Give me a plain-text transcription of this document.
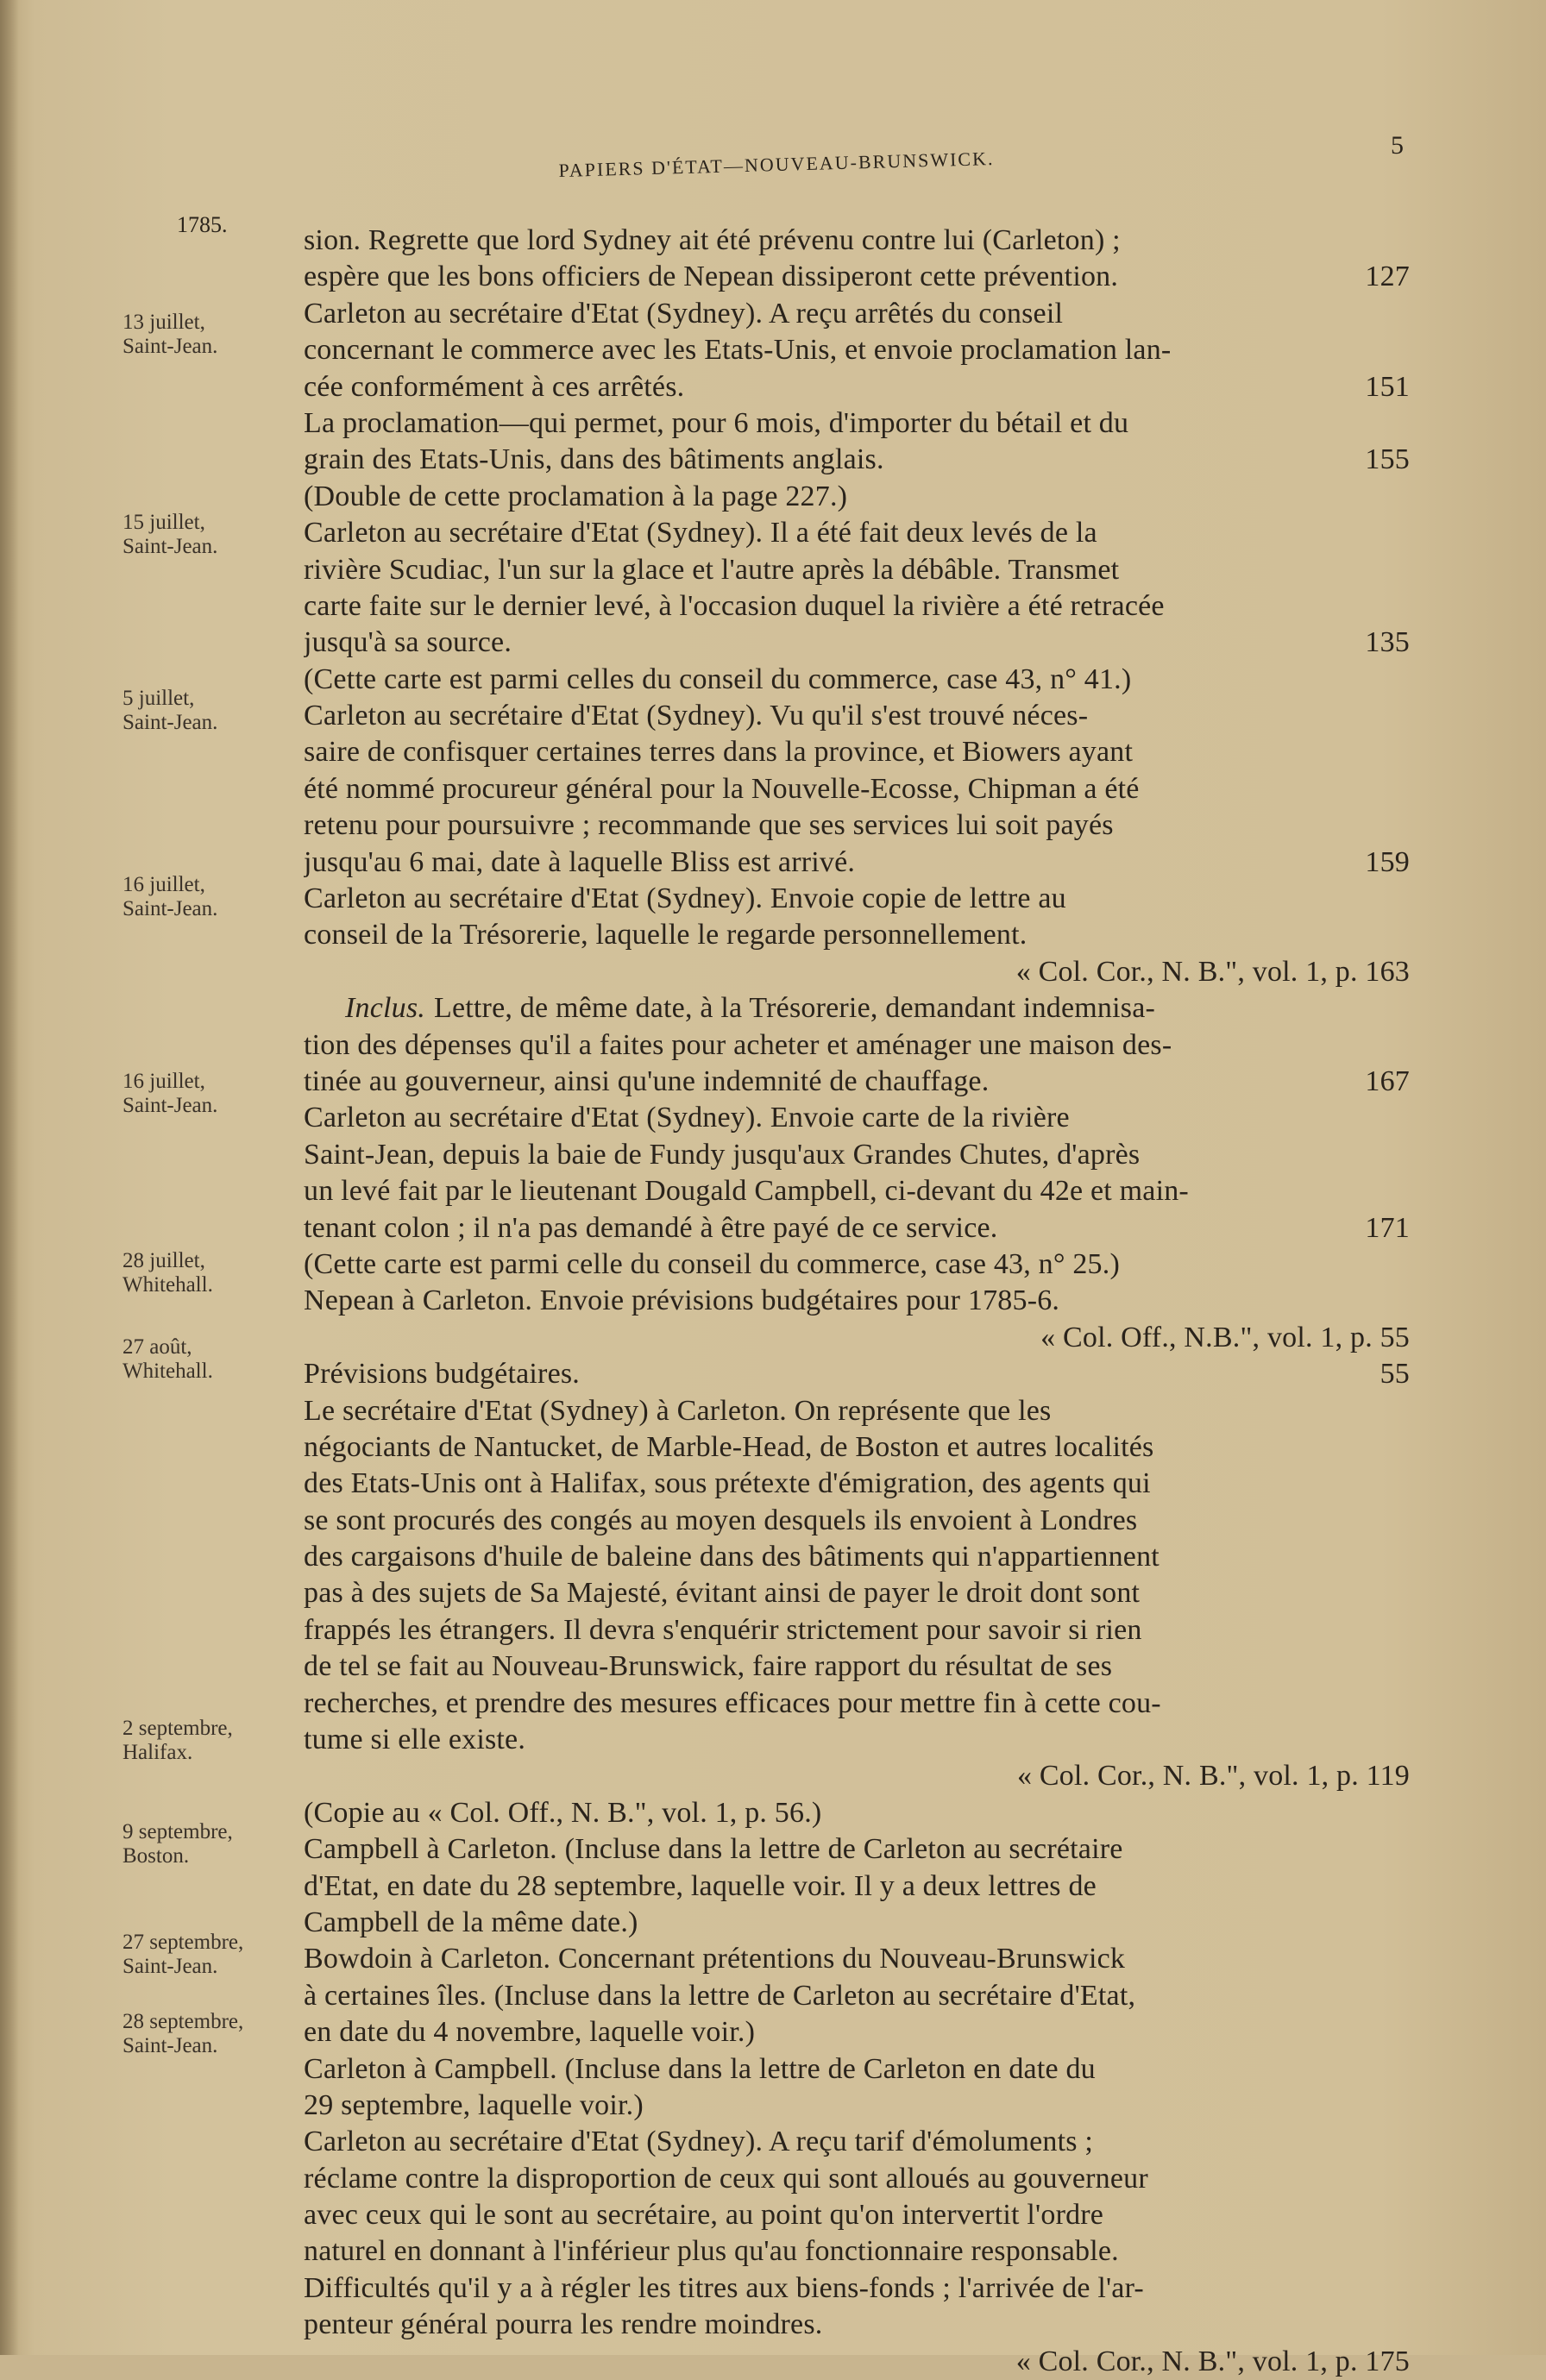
PAPIERS D'ÉTAT—NOUVEAU-BRUNSWICK.
5
1785.
13 juillet,
Saint-Jean.
15 juillet,
Saint-Jean.
5 juillet,
Saint-Jean.
16 juillet,
Saint-Jean.
16 juillet,
Saint-Jean.
28 juillet,
Whitehall.
27 août,
Whitehall.
2 septembre,
Halifax.
9 septembre,
Boston.
27 septembre,
Saint-Jean.
28 septembre,
Saint-Jean.
sion. Regrette que lord Sydney ait été prévenu contre lui (Carleton) ;
127
espère que les bons officiers de Nepean dissiperont cette prévention.
Carleton au secrétaire d'Etat (Sydney). A reçu arrêtés du conseil
concernant le commerce avec les Etats-Unis, et envoie proclamation lan-
151
cée conformément à ces arrêtés.
La proclamation—qui permet, pour 6 mois, d'importer du bétail et du
155
grain des Etats-Unis, dans des bâtiments anglais.
(Double de cette proclamation à la page 227.)
Carleton au secrétaire d'Etat (Sydney). Il a été fait deux levés de la
rivière Scudiac, l'un sur la glace et l'autre après la débâble. Transmet
carte faite sur le dernier levé, à l'occasion duquel la rivière a été retracée
135
jusqu'à sa source.
(Cette carte est parmi celles du conseil du commerce, case 43, n° 41.)
Carleton au secrétaire d'Etat (Sydney). Vu qu'il s'est trouvé néces-
saire de confisquer certaines terres dans la province, et Biowers ayant
été nommé procureur général pour la Nouvelle-Ecosse, Chipman a été
retenu pour poursuivre ; recommande que ses services lui soit payés
159
jusqu'au 6 mai, date à laquelle Bliss est arrivé.
Carleton au secrétaire d'Etat (Sydney). Envoie copie de lettre au
conseil de la Trésorerie, laquelle le regarde personnellement.
« Col. Cor., N. B.", vol. 1, p. 163
Inclus. Lettre, de même date, à la Trésorerie, demandant indemnisa-
tion des dépenses qu'il a faites pour acheter et aménager une maison des-
167
tinée au gouverneur, ainsi qu'une indemnité de chauffage.
Carleton au secrétaire d'Etat (Sydney). Envoie carte de la rivière
Saint-Jean, depuis la baie de Fundy jusqu'aux Grandes Chutes, d'après
un levé fait par le lieutenant Dougald Campbell, ci-devant du 42e et main-
171
tenant colon ; il n'a pas demandé à être payé de ce service.
(Cette carte est parmi celle du conseil du commerce, case 43, n° 25.)
Nepean à Carleton. Envoie prévisions budgétaires pour 1785-6.
« Col. Off., N.B.", vol. 1, p. 55
55
Prévisions budgétaires.
Le secrétaire d'Etat (Sydney) à Carleton. On représente que les
négociants de Nantucket, de Marble-Head, de Boston et autres localités
des Etats-Unis ont à Halifax, sous prétexte d'émigration, des agents qui
se sont procurés des congés au moyen desquels ils envoient à Londres
des cargaisons d'huile de baleine dans des bâtiments qui n'appartiennent
pas à des sujets de Sa Majesté, évitant ainsi de payer le droit dont sont
frappés les étrangers. Il devra s'enquérir strictement pour savoir si rien
de tel se fait au Nouveau-Brunswick, faire rapport du résultat de ses
recherches, et prendre des mesures efficaces pour mettre fin à cette cou-
tume si elle existe.
« Col. Cor., N. B.", vol. 1, p. 119
(Copie au « Col. Off., N. B.", vol. 1, p. 56.)
Campbell à Carleton. (Incluse dans la lettre de Carleton au secrétaire
d'Etat, en date du 28 septembre, laquelle voir. Il y a deux lettres de
Campbell de la même date.)
Bowdoin à Carleton. Concernant prétentions du Nouveau-Brunswick
à certaines îles. (Incluse dans la lettre de Carleton au secrétaire d'Etat,
en date du 4 novembre, laquelle voir.)
Carleton à Campbell. (Incluse dans la lettre de Carleton en date du
29 septembre, laquelle voir.)
Carleton au secrétaire d'Etat (Sydney). A reçu tarif d'émoluments ;
réclame contre la disproportion de ceux qui sont alloués au gouverneur
avec ceux qui le sont au secrétaire, au point qu'on intervertit l'ordre
naturel en donnant à l'inférieur plus qu'au fonctionnaire responsable.
Difficultés qu'il y a à régler les titres aux biens-fonds ; l'arrivée de l'ar-
penteur général pourra les rendre moindres.
« Col. Cor., N. B.", vol. 1, p. 175
